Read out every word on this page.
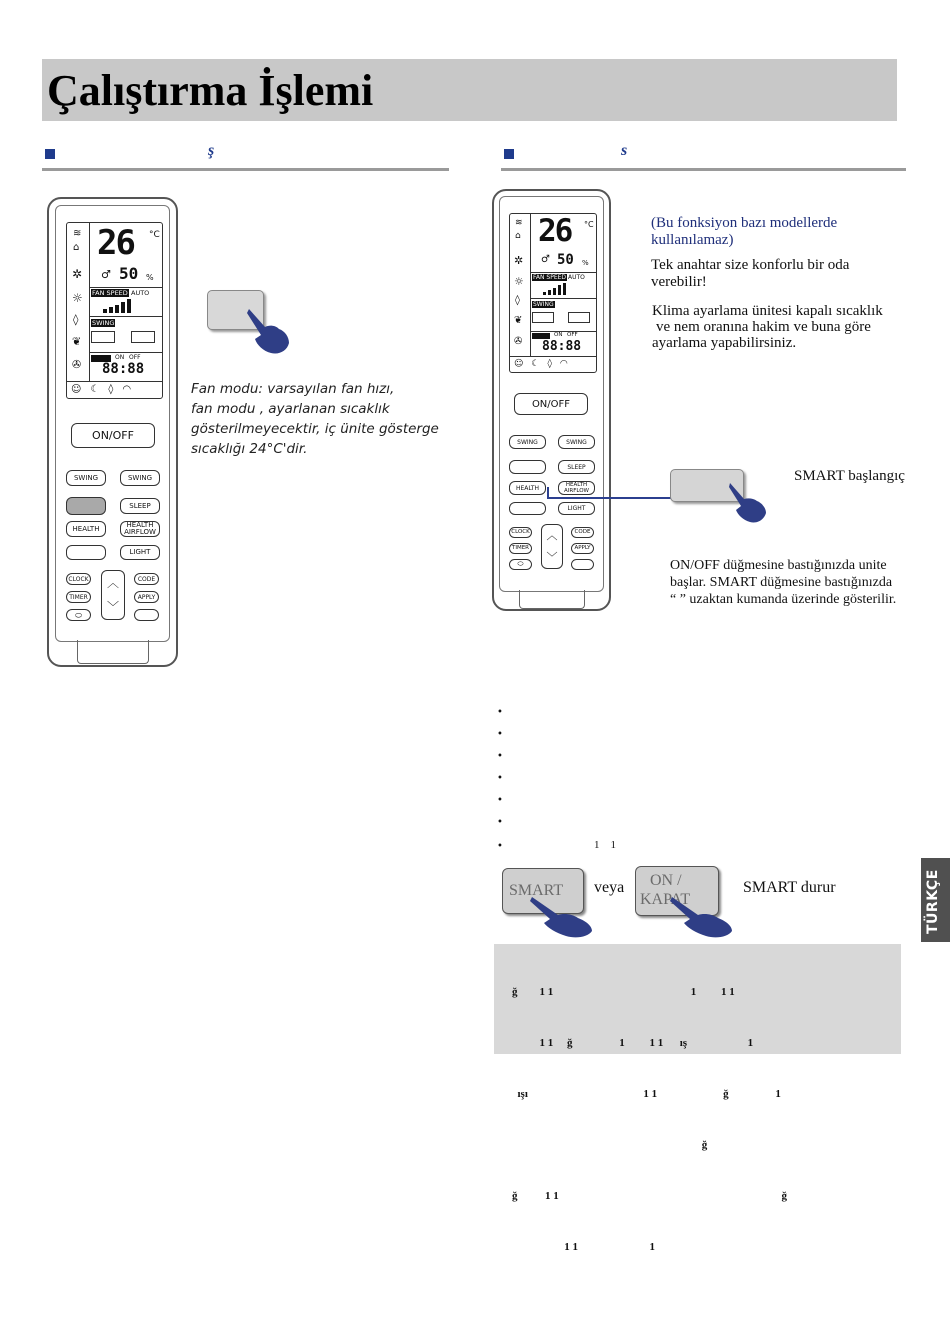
Çalıştırma İşlemi
ş	s
≋
⌂
✲
☼
◊
❦
✇
26 °C
♂ 50 %
FAN SPEED AUTO
SWING
ON OFF
88:88
☺☾◊◠
ON/OFF
SWING	SWING
SLEEP
HEALTH	HEALTH
AIRFLOW
LIGHT
CLOCK	CODE
TIMER	APPLY
︿
﹀
⬭
Fan modu: varsayılan fan hızı,
fan modu , ayarlanan sıcaklık
gösterilmeyecektir, iç ünite gösterge
sıcaklığı 24°C'dir.
≋
⌂
✲
☼
◊
❦
✇
26 °C
♂ 50 %
FAN SPEED AUTO
SWING
ON OFF
88:88
☺☾◊◠
ON/OFF
SWING	SWING
SLEEP
HEALTH	HEALTH
AIRFLOW
LIGHT
CLOCK	CODE
TIMER	APPLY
︿
﹀
⬭
(Bu fonksiyon bazı modellerde
kullanılamaz)
Tek anahtar size konforlu bir oda
verebilir!
Klima ayarlama ünitesi kapalı sıcaklık
ve nem oranına hakim ve buna göre
ayarlama yapabilirsiniz.
SMART başlangıç
ON/OFF düğmesine bastığınızda unite
başlar. SMART düğmesine bastığınızda
“ ” uzaktan kumanda üzerinde gösterilir.
•
•
•
•
•
•
•	1    1
SMART veya	ON /
KAPAT
SMART durur

ğ        1 1                                                  1         1 1

1 1     ğ                 1         1 1      ış                      1

ışı                                          1 1                        ğ                 1

ğ

ğ          1 1                                                                                 ğ

1 1                          1

TÜRKÇE
